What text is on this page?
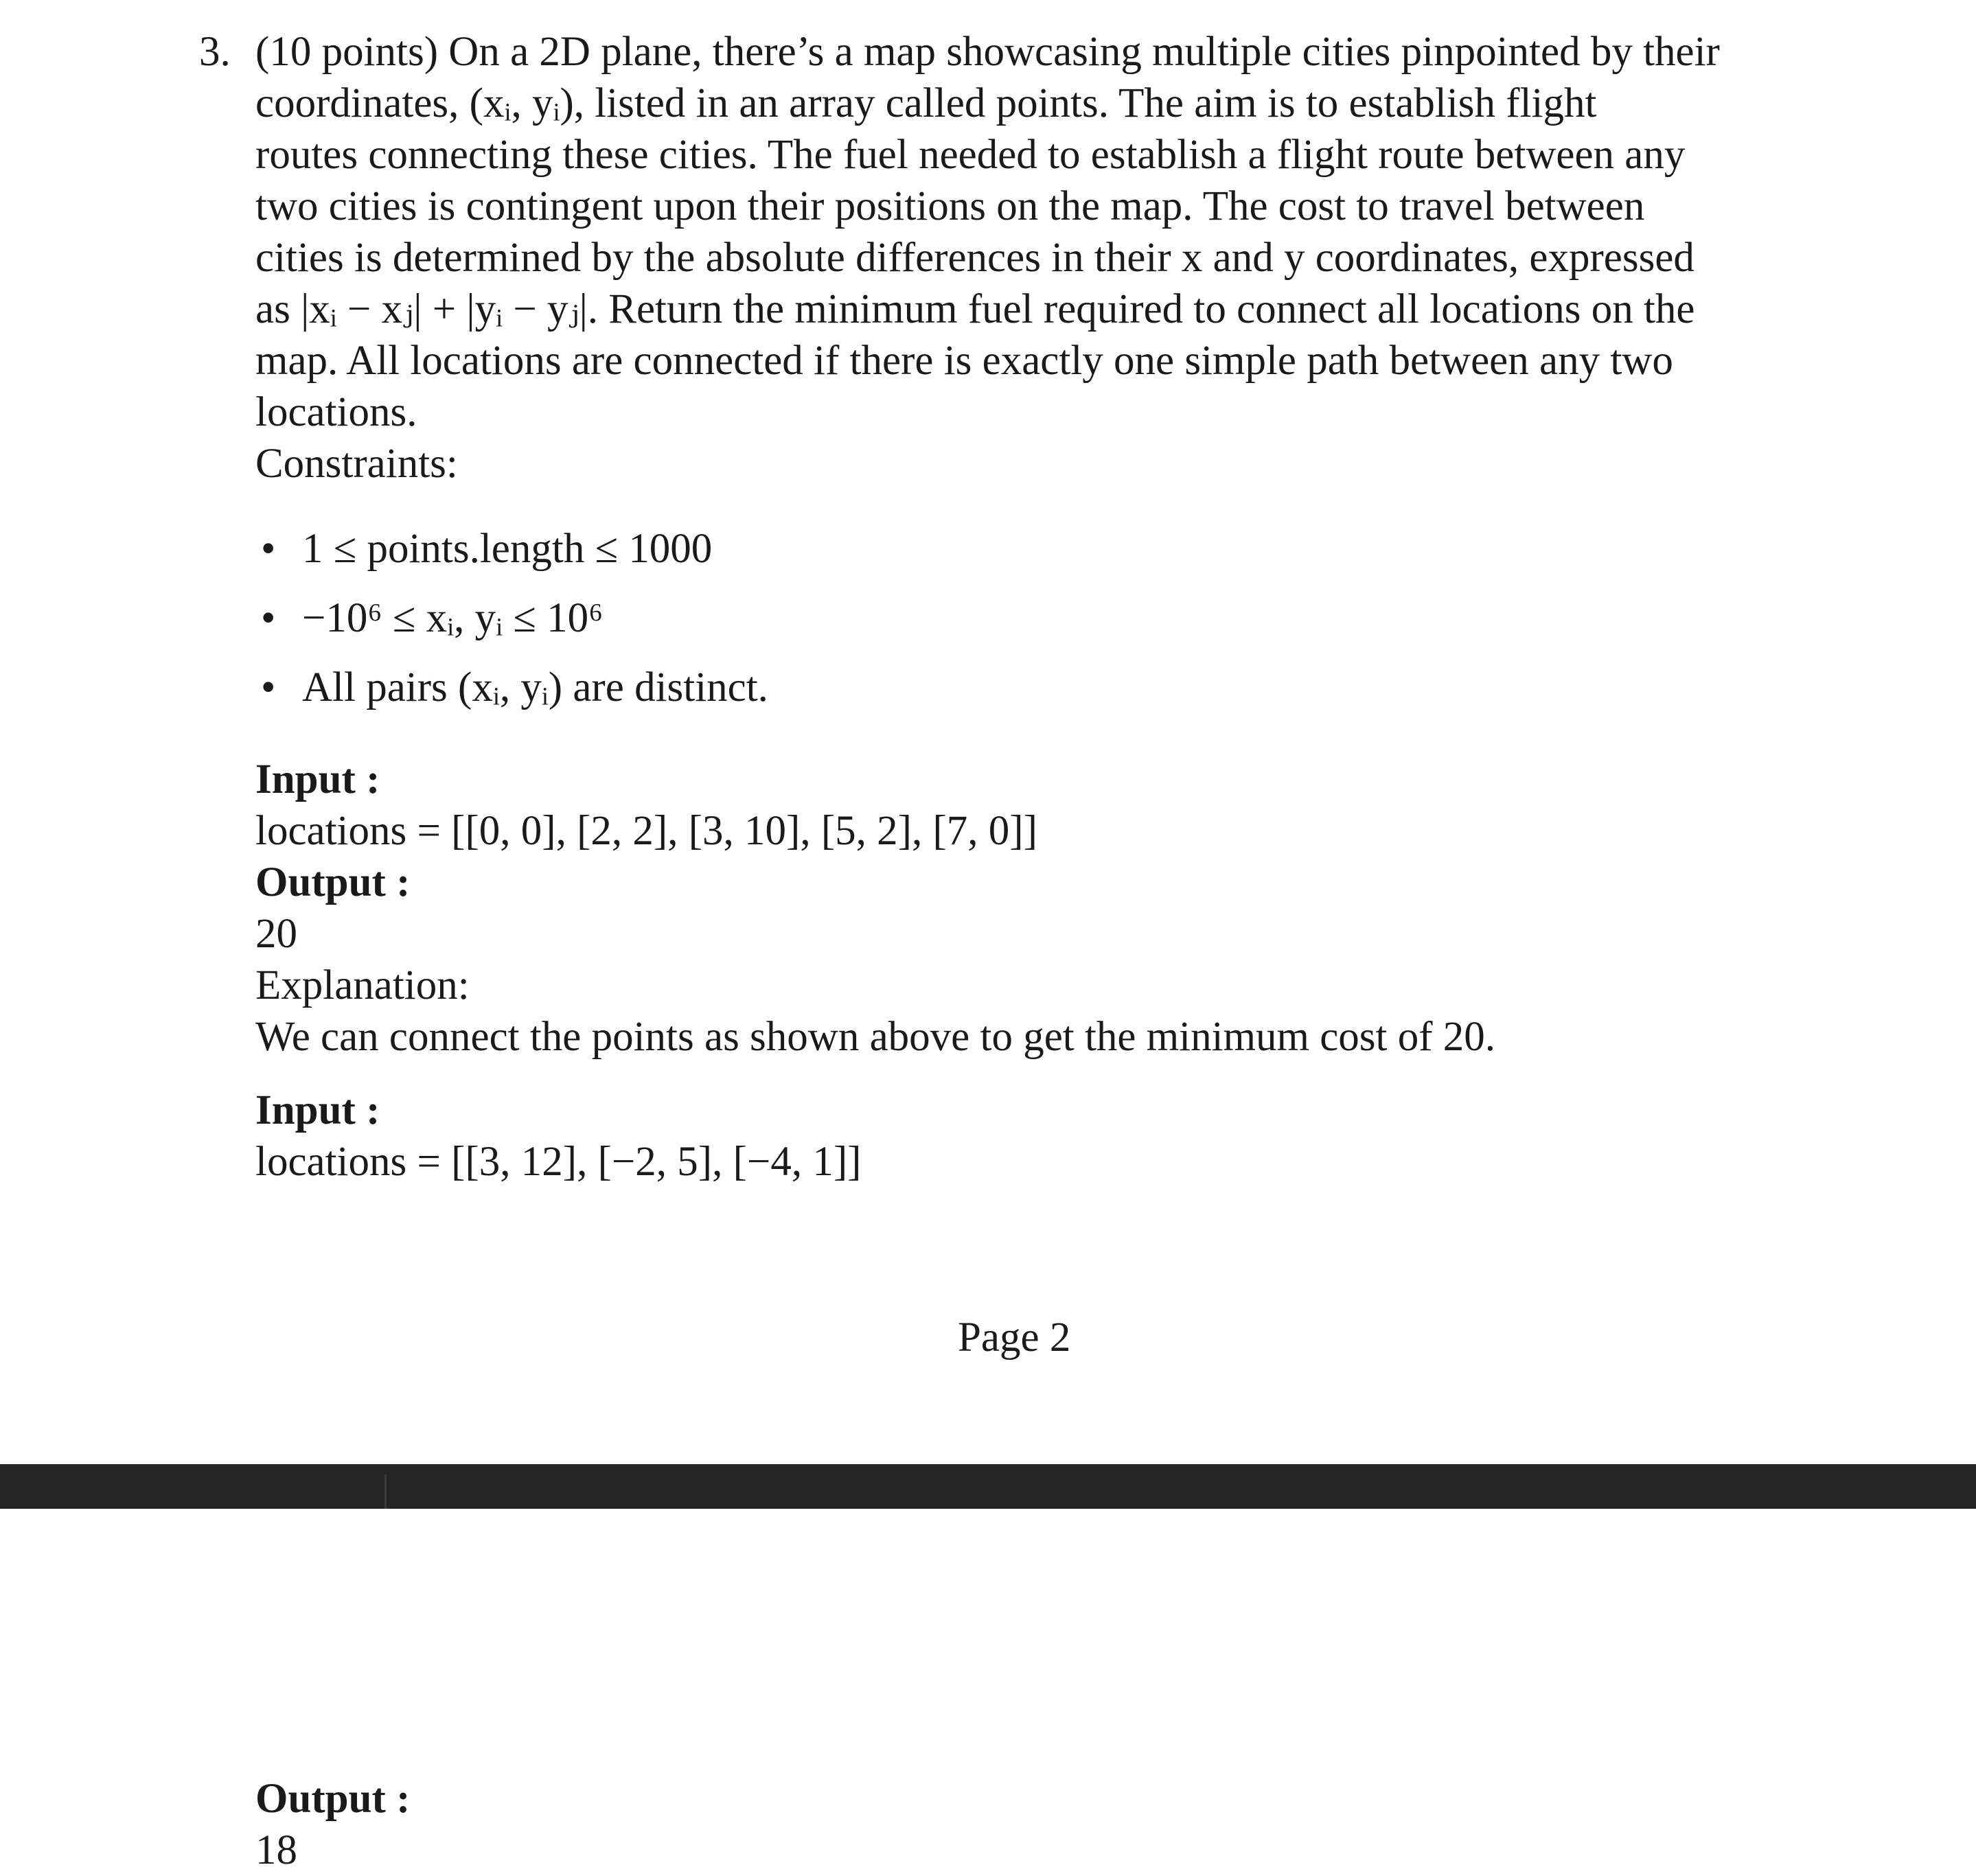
3. (10 points) On a 2D plane, there’s a map showcasing multiple cities pinpointed by their

coordinates, (xᵢ, yᵢ), listed in an array called points. The aim is to establish flight

routes connecting these cities. The fuel needed to establish a flight route between any

two cities is contingent upon their positions on the map. The cost to travel between

cities is determined by the absolute differences in their x and y coordinates, expressed

as |xᵢ − xⱼ| + |yᵢ − yⱼ|. Return the minimum fuel required to connect all locations on the

map. All locations are connected if there is exactly one simple path between any two

locations.

Constraints:

• 1 ≤ points.length ≤ 1000
• −10⁶ ≤ xᵢ, yᵢ ≤ 10⁶
• All pairs (xᵢ, yᵢ) are distinct.
Input :
locations = [[0, 0], [2, 2], [3, 10], [5, 2], [7, 0]]
Output :
20
Explanation:
We can connect the points as shown above to get the minimum cost of 20.
Input :
locations = [[3, 12], [−2, 5], [−4, 1]]
Page 2
Output :
18
